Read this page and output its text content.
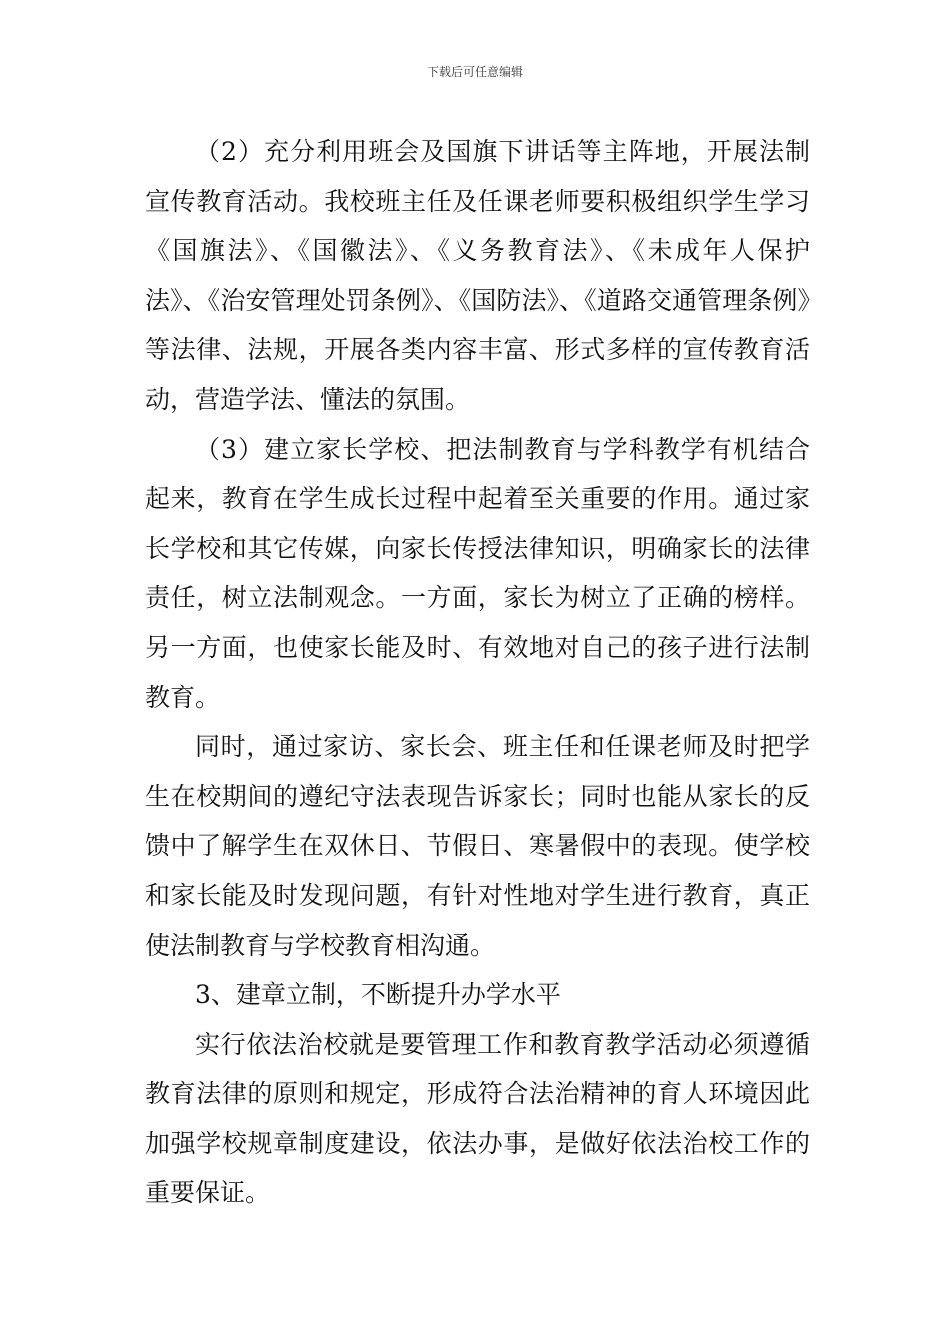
下载后可任意编辑

（2）充分利用班会及国旗下讲话等主阵地，开展法制宣传教育活动。我校班主任及任课老师要积极组织学生学习《国旗法》、《国徽法》、《义务教育法》、《未成年人保护 法》、《治安管理处罚条例》、《国防法》、《道路交通管理条例》等法律、法规，开展各类内容丰富、形式多样的宣传教育活动，营造学法、懂法的氛围。

（3）建立家长学校、把法制教育与学科教学有机结合起来，教育在学生成长过程中起着至关重要的作用。通过家长学校和其它传媒，向家长传授法律知识，明确家长的法律责任，树立法制观念。一方面，家长为树立了正确的榜样。另一方面，也使家长能及时、有效地对自己的孩子进行法制教育。

同时，通过家访、家长会、班主任和任课老师及时把学生在校期间的遵纪守法表现告诉家长；同时也能从家长的反馈中了解学生在双休日、节假日、寒暑假中的表现。使学校和家长能及时发现问题，有针对性地对学生进行教育，真正使法制教育与学校教育相沟通。

3、建章立制，不断提升办学水平

实行依法治校就是要管理工作和教育教学活动必须遵循教育法律的原则和规定，形成符合法治精神的育人环境因此加强学校规章制度建设，依法办事，是做好依法治校工作的重要保证。
